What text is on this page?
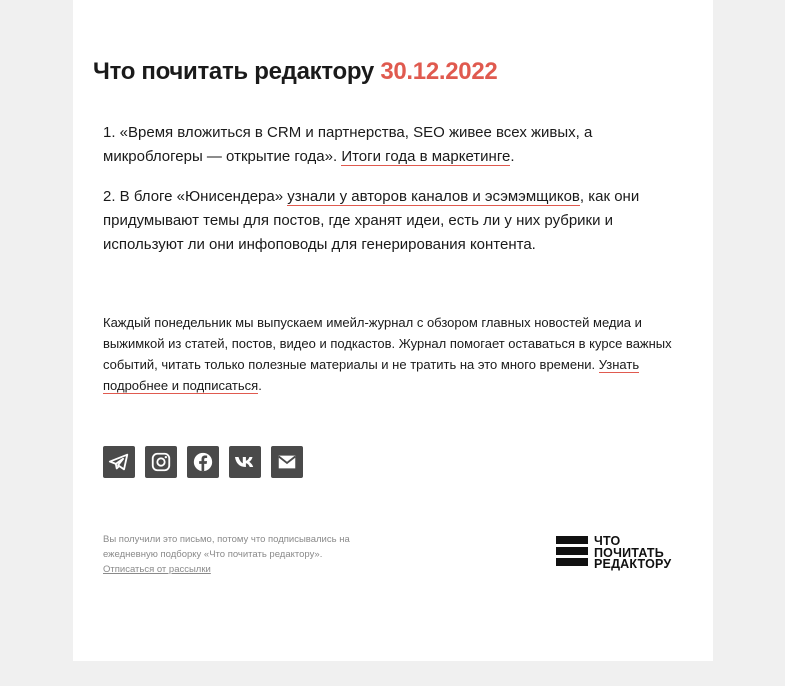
Что почитать редактору 30.12.2022

1. «Время вложиться в CRM и партнерства, SEO живее всех живых, а микроблогеры — открытие года». Итоги года в маркетинге.

2. В блоге «Юнисендера» узнали у авторов каналов и эсэмэмщиков, как они придумывают темы для постов, где хранят идеи, есть ли у них рубрики и используют ли они инфоповоды для генерирования контента.

Каждый понедельник мы выпускаем имейл-журнал с обзором главных новостей медиа и выжимкой из статей, постов, видео и подкастов. Журнал помогает оставаться в курсе важных событий, читать только полезные материалы и не тратить на это много времени. Узнать подробнее и подписаться.

Вы получили это письмо, потому что подписывались на ежедневную подборку «Что почитать редактору».
Отписаться от рассылки

ЧТО
ПОЧИТАТЬ
РЕДАКТОРУ
